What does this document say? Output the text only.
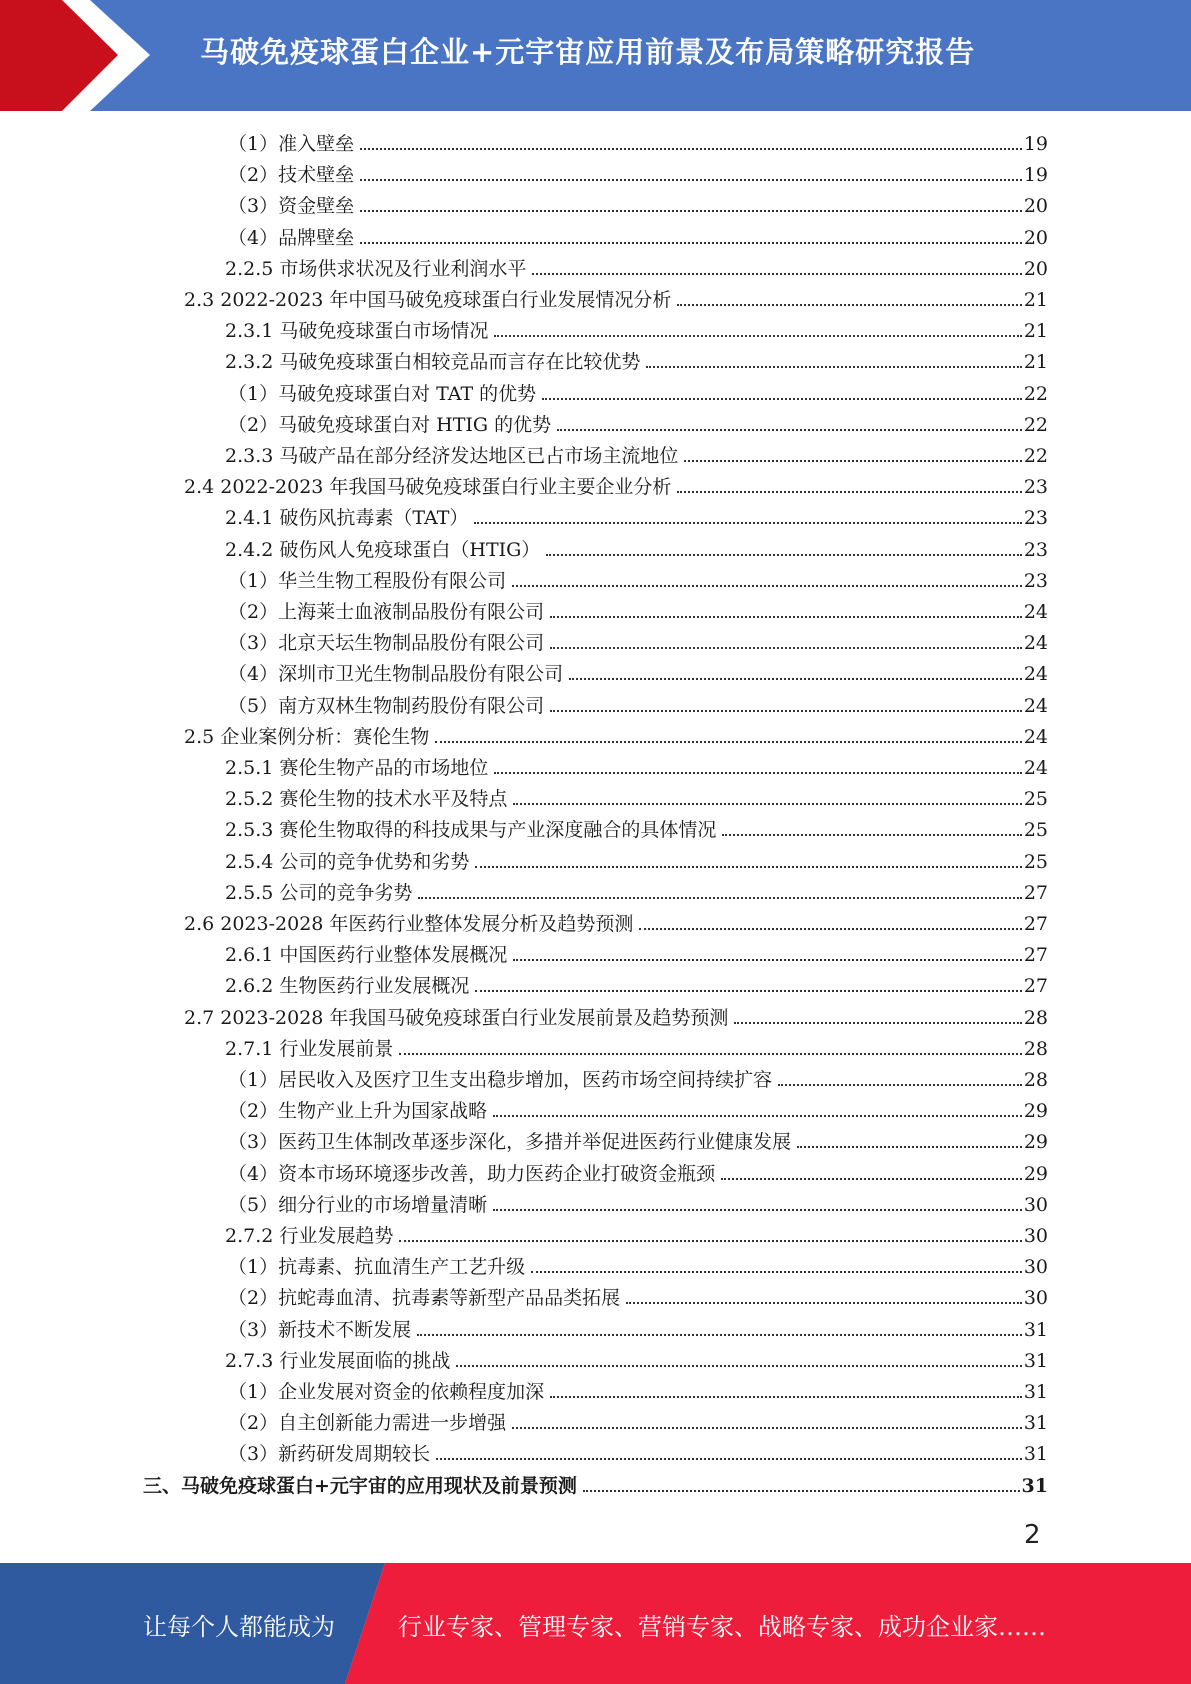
马破免疫球蛋白企业+元宇宙应用前景及布局策略研究报告
（1）准入壁垒	19
（2）技术壁垒	19
（3）资金壁垒	20
（4）品牌壁垒	20
2.2.5 市场供求状况及行业利润水平	20
2.3 2022-2023 年中国马破免疫球蛋白行业发展情况分析	21
2.3.1 马破免疫球蛋白市场情况	21
2.3.2 马破免疫球蛋白相较竞品而言存在比较优势	21
（1）马破免疫球蛋白对 TAT 的优势	22
（2）马破免疫球蛋白对 HTIG 的优势	22
2.3.3 马破产品在部分经济发达地区已占市场主流地位	22
2.4 2022-2023 年我国马破免疫球蛋白行业主要企业分析	23
2.4.1 破伤风抗毒素（TAT）	23
2.4.2 破伤风人免疫球蛋白（HTIG）	23
（1）华兰生物工程股份有限公司	23
（2）上海莱士血液制品股份有限公司	24
（3）北京天坛生物制品股份有限公司	24
（4）深圳市卫光生物制品股份有限公司	24
（5）南方双林生物制药股份有限公司	24
2.5 企业案例分析：赛伦生物	24
2.5.1 赛伦生物产品的市场地位	24
2.5.2 赛伦生物的技术水平及特点	25
2.5.3 赛伦生物取得的科技成果与产业深度融合的具体情况	25
2.5.4 公司的竞争优势和劣势	25
2.5.5 公司的竞争劣势	27
2.6 2023-2028 年医药行业整体发展分析及趋势预测	27
2.6.1 中国医药行业整体发展概况	27
2.6.2 生物医药行业发展概况	27
2.7 2023-2028 年我国马破免疫球蛋白行业发展前景及趋势预测	28
2.7.1 行业发展前景	28
（1）居民收入及医疗卫生支出稳步增加，医药市场空间持续扩容	28
（2）生物产业上升为国家战略	29
（3）医药卫生体制改革逐步深化，多措并举促进医药行业健康发展	29
（4）资本市场环境逐步改善，助力医药企业打破资金瓶颈	29
（5）细分行业的市场增量清晰	30
2.7.2 行业发展趋势	30
（1）抗毒素、抗血清生产工艺升级	30
（2）抗蛇毒血清、抗毒素等新型产品品类拓展	30
（3）新技术不断发展	31
2.7.3 行业发展面临的挑战	31
（1）企业发展对资金的依赖程度加深	31
（2）自主创新能力需进一步增强	31
（3）新药研发周期较长	31
三、马破免疫球蛋白+元宇宙的应用现状及前景预测	31
2
让每个人都能成为	行业专家、管理专家、营销专家、战略专家、成功企业家……
